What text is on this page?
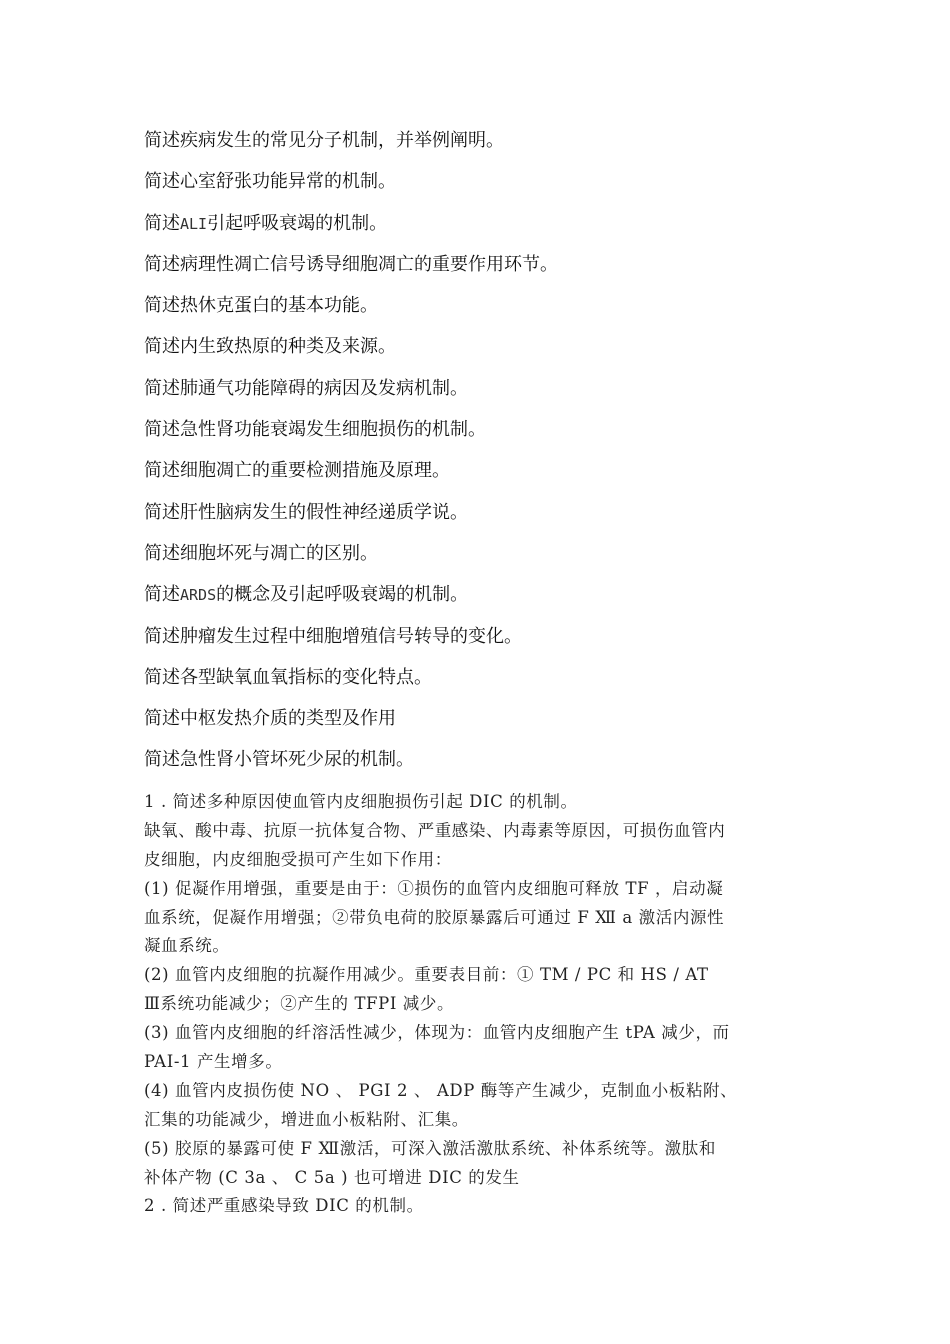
简述疾病发生的常见分子机制，并举例阐明。
简述心室舒张功能异常的机制。
简述ALI引起呼吸衰竭的机制。
简述病理性凋亡信号诱导细胞凋亡的重要作用环节。
简述热休克蛋白的基本功能。
简述内生致热原的种类及来源。
简述肺通气功能障碍的病因及发病机制。
简述急性肾功能衰竭发生细胞损伤的机制。
简述细胞凋亡的重要检测措施及原理。
简述肝性脑病发生的假性神经递质学说。
简述细胞坏死与凋亡的区别。
简述ARDS的概念及引起呼吸衰竭的机制。
简述肿瘤发生过程中细胞增殖信号转导的变化。
简述各型缺氧血氧指标的变化特点。
简述中枢发热介质的类型及作用
简述急性肾小管坏死少尿的机制。
1 . 简述多种原因使血管内皮细胞损伤引起 DIC 的机制。
缺氧、酸中毒、抗原一抗体复合物、严重感染、内毒素等原因，可损伤血管内
皮细胞，内皮细胞受损可产生如下作用：
(1) 促凝作用增强，重要是由于：①损伤的血管内皮细胞可释放 TF ，启动凝
血系统，促凝作用增强；②带负电荷的胶原暴露后可通过 F Ⅻ a 激活内源性
凝血系统。
(2) 血管内皮细胞的抗凝作用减少。重要表目前：① TM / PC 和 HS / AT
Ⅲ系统功能减少；②产生的 TFPI 减少。
(3) 血管内皮细胞的纤溶活性减少，体现为：血管内皮细胞产生 tPA 减少，而
PAI-1 产生增多。
(4) 血管内皮损伤使 NO 、 PGI 2 、 ADP 酶等产生减少，克制血小板粘附、
汇集的功能减少，增进血小板粘附、汇集。
(5) 胶原的暴露可使 F Ⅻ激活，可深入激活激肽系统、补体系统等。激肽和
补体产物 (C 3a 、 C 5a ) 也可增进 DIC 的发生
2 . 简述严重感染导致 DIC 的机制。
